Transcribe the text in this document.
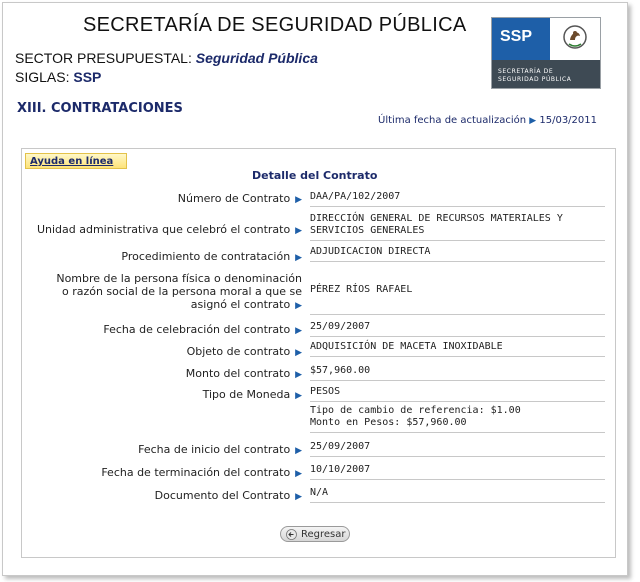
SECRETARÍA DE SEGURIDAD PÚBLICA
SECTOR PRESUPUESTAL: Seguridad Pública
SIGLAS: SSP
SSP
SECRETARÍA DE
SEGURIDAD PÚBLICA
XIII. CONTRATACIONES
Última fecha de actualización ▶ 15/03/2011
Ayuda en línea
Detalle del Contrato
Número de Contrato ▶ DAA/PA/102/2007
Unidad administrativa que celebró el contrato ▶
DIRECCIÓN GENERAL DE RECURSOS MATERIALES Y SERVICIOS GENERALES
Procedimiento de contratación ▶
ADJUDICACION DIRECTA
Nombre de la persona física o denominación o razón social de la persona moral a que se asignó el contrato ▶
PÉREZ RÍOS RAFAEL
Fecha de celebración del contrato ▶ 25/09/2007
Objeto de contrato ▶
ADQUISICIÓN DE MACETA INOXIDABLE
Monto del contrato ▶ $57,960.00
Tipo de Moneda ▶ PESOS
Tipo de cambio de referencia: $1.00
Monto en Pesos: $57,960.00
Fecha de inicio del contrato ▶ 25/09/2007
Fecha de terminación del contrato ▶ 10/10/2007
Documento del Contrato ▶ N/A
Regresar
